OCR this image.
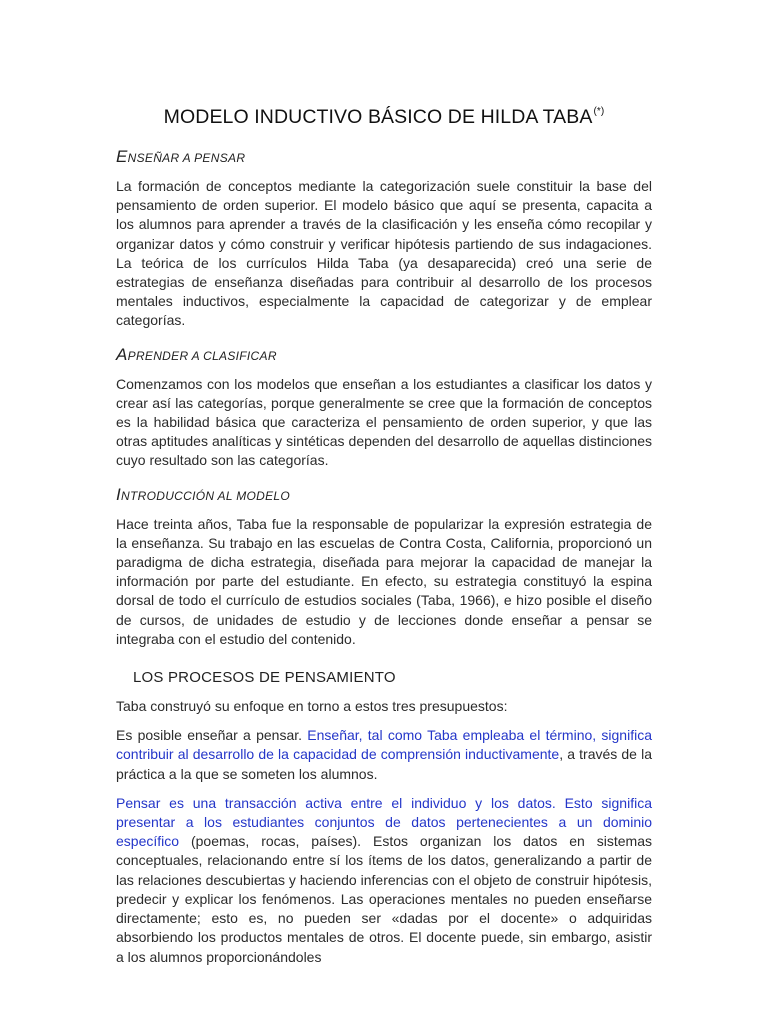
MODELO INDUCTIVO BÁSICO DE HILDA TABA(*)
ENSEÑAR A PENSAR

La formación de conceptos mediante la categorización suele constituir la base del pensamiento de orden superior. El modelo básico que aquí se presenta, capacita a los alumnos para aprender a través de la clasificación y les enseña cómo recopilar y organizar datos y cómo construir y verificar hipótesis partiendo de sus indagaciones. La teórica de los currículos Hilda Taba (ya desaparecida) creó una serie de estrategias de enseñanza diseñadas para contribuir al desarrollo de los procesos mentales inductivos, especialmente la capacidad de categorizar y de emplear categorías.

APRENDER A CLASIFICAR

Comenzamos con los modelos que enseñan a los estudiantes a clasificar los datos y crear así las categorías, porque generalmente se cree que la formación de conceptos es la habilidad básica que caracteriza el pensamiento de orden superior, y que las otras aptitudes analíticas y sintéticas dependen del desarrollo de aquellas distinciones cuyo resultado son las categorías.

INTRODUCCIÓN AL MODELO

Hace treinta años, Taba fue la responsable de popularizar la expresión estrategia de la enseñanza. Su trabajo en las escuelas de Contra Costa, California, proporcionó un paradigma de dicha estrategia, diseñada para mejorar la capacidad de manejar la información por parte del estudiante. En efecto, su estrategia constituyó la espina dorsal de todo el currículo de estudios sociales (Taba, 1966), e hizo posible el diseño de cursos, de unidades de estudio y de lecciones donde enseñar a pensar se integraba con el estudio del contenido.

LOS PROCESOS DE PENSAMIENTO

Taba construyó su enfoque en torno a estos tres presupuestos:

Es posible enseñar a pensar. Enseñar, tal como Taba empleaba el término, significa contribuir al desarrollo de la capacidad de comprensión inductivamente, a través de la práctica a la que se someten los alumnos.

Pensar es una transacción activa entre el individuo y los datos. Esto significa presentar a los estudiantes conjuntos de datos pertenecientes a un dominio específico (poemas, rocas, países). Estos organizan los datos en sistemas conceptuales, relacionando entre sí los ítems de los datos, generalizando a partir de las relaciones descubiertas y haciendo inferencias con el objeto de construir hipótesis, predecir y explicar los fenómenos. Las operaciones mentales no pueden enseñarse directamente; esto es, no pueden ser «dadas por el docente» o adquiridas absorbiendo los productos mentales de otros. El docente puede, sin embargo, asistir a los alumnos proporcionándoles
